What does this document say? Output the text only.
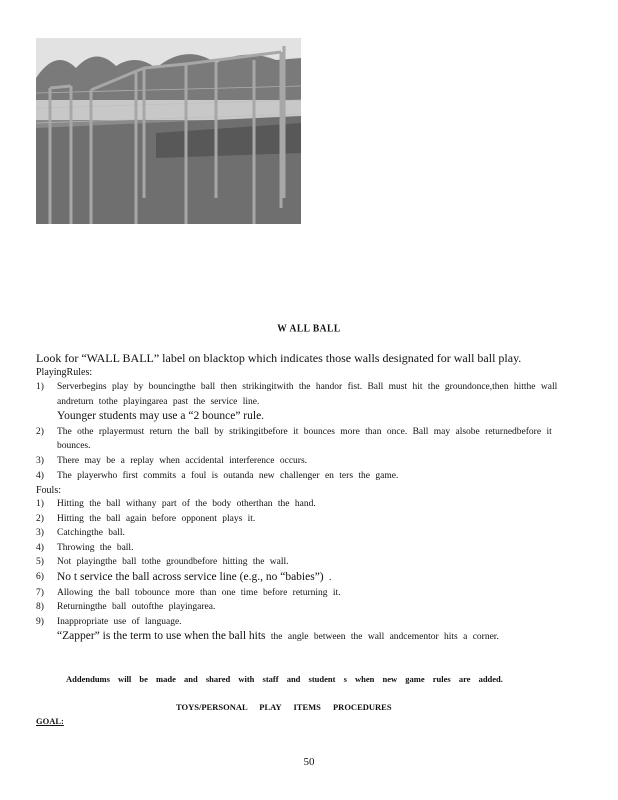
W ALL BALL
Look for “WALL BALL” label on blacktop which indicates those walls designated for wall ball play.
PlayingRules:
1)	Serverbegins play by bouncingthe ball then strikingitwith the handor fist. Ball must hit the groundonce,then hitthe wall andreturn tothe playingarea past the service line.
Younger students may use a “2 bounce” rule.
2)	The othe rplayermust return the ball by strikingitbefore it bounces more than once. Ball may alsobe returnedbefore it bounces.
3)	There may be a replay when accidental interference occurs.
4)	The playerwho first commits a foul is outanda new challenger en ters the game.
Fouls:
1)	Hitting the ball withany part of the body otherthan the hand.
2)	Hitting the ball again before opponent plays it.
3)	Catchingthe ball.
4)	Throwing the ball.
5)	Not playingthe ball tothe groundbefore hitting the wall.
6)	No t service the ball across service line (e.g., no “babies”) .
7)	Allowing the ball tobounce more than one time before returning it.
8)	Returningthe ball outofthe playingarea.
9)	Inappropriate use of language.
“Zapper” is the term to use when the ball hits the angle between the wall andcementor hits a corner.
Addendums will be made and shared with staff and student s when new game rules are added.
TOYS/PERSONAL PLAY ITEMS PROCEDURES
GOAL:
50
